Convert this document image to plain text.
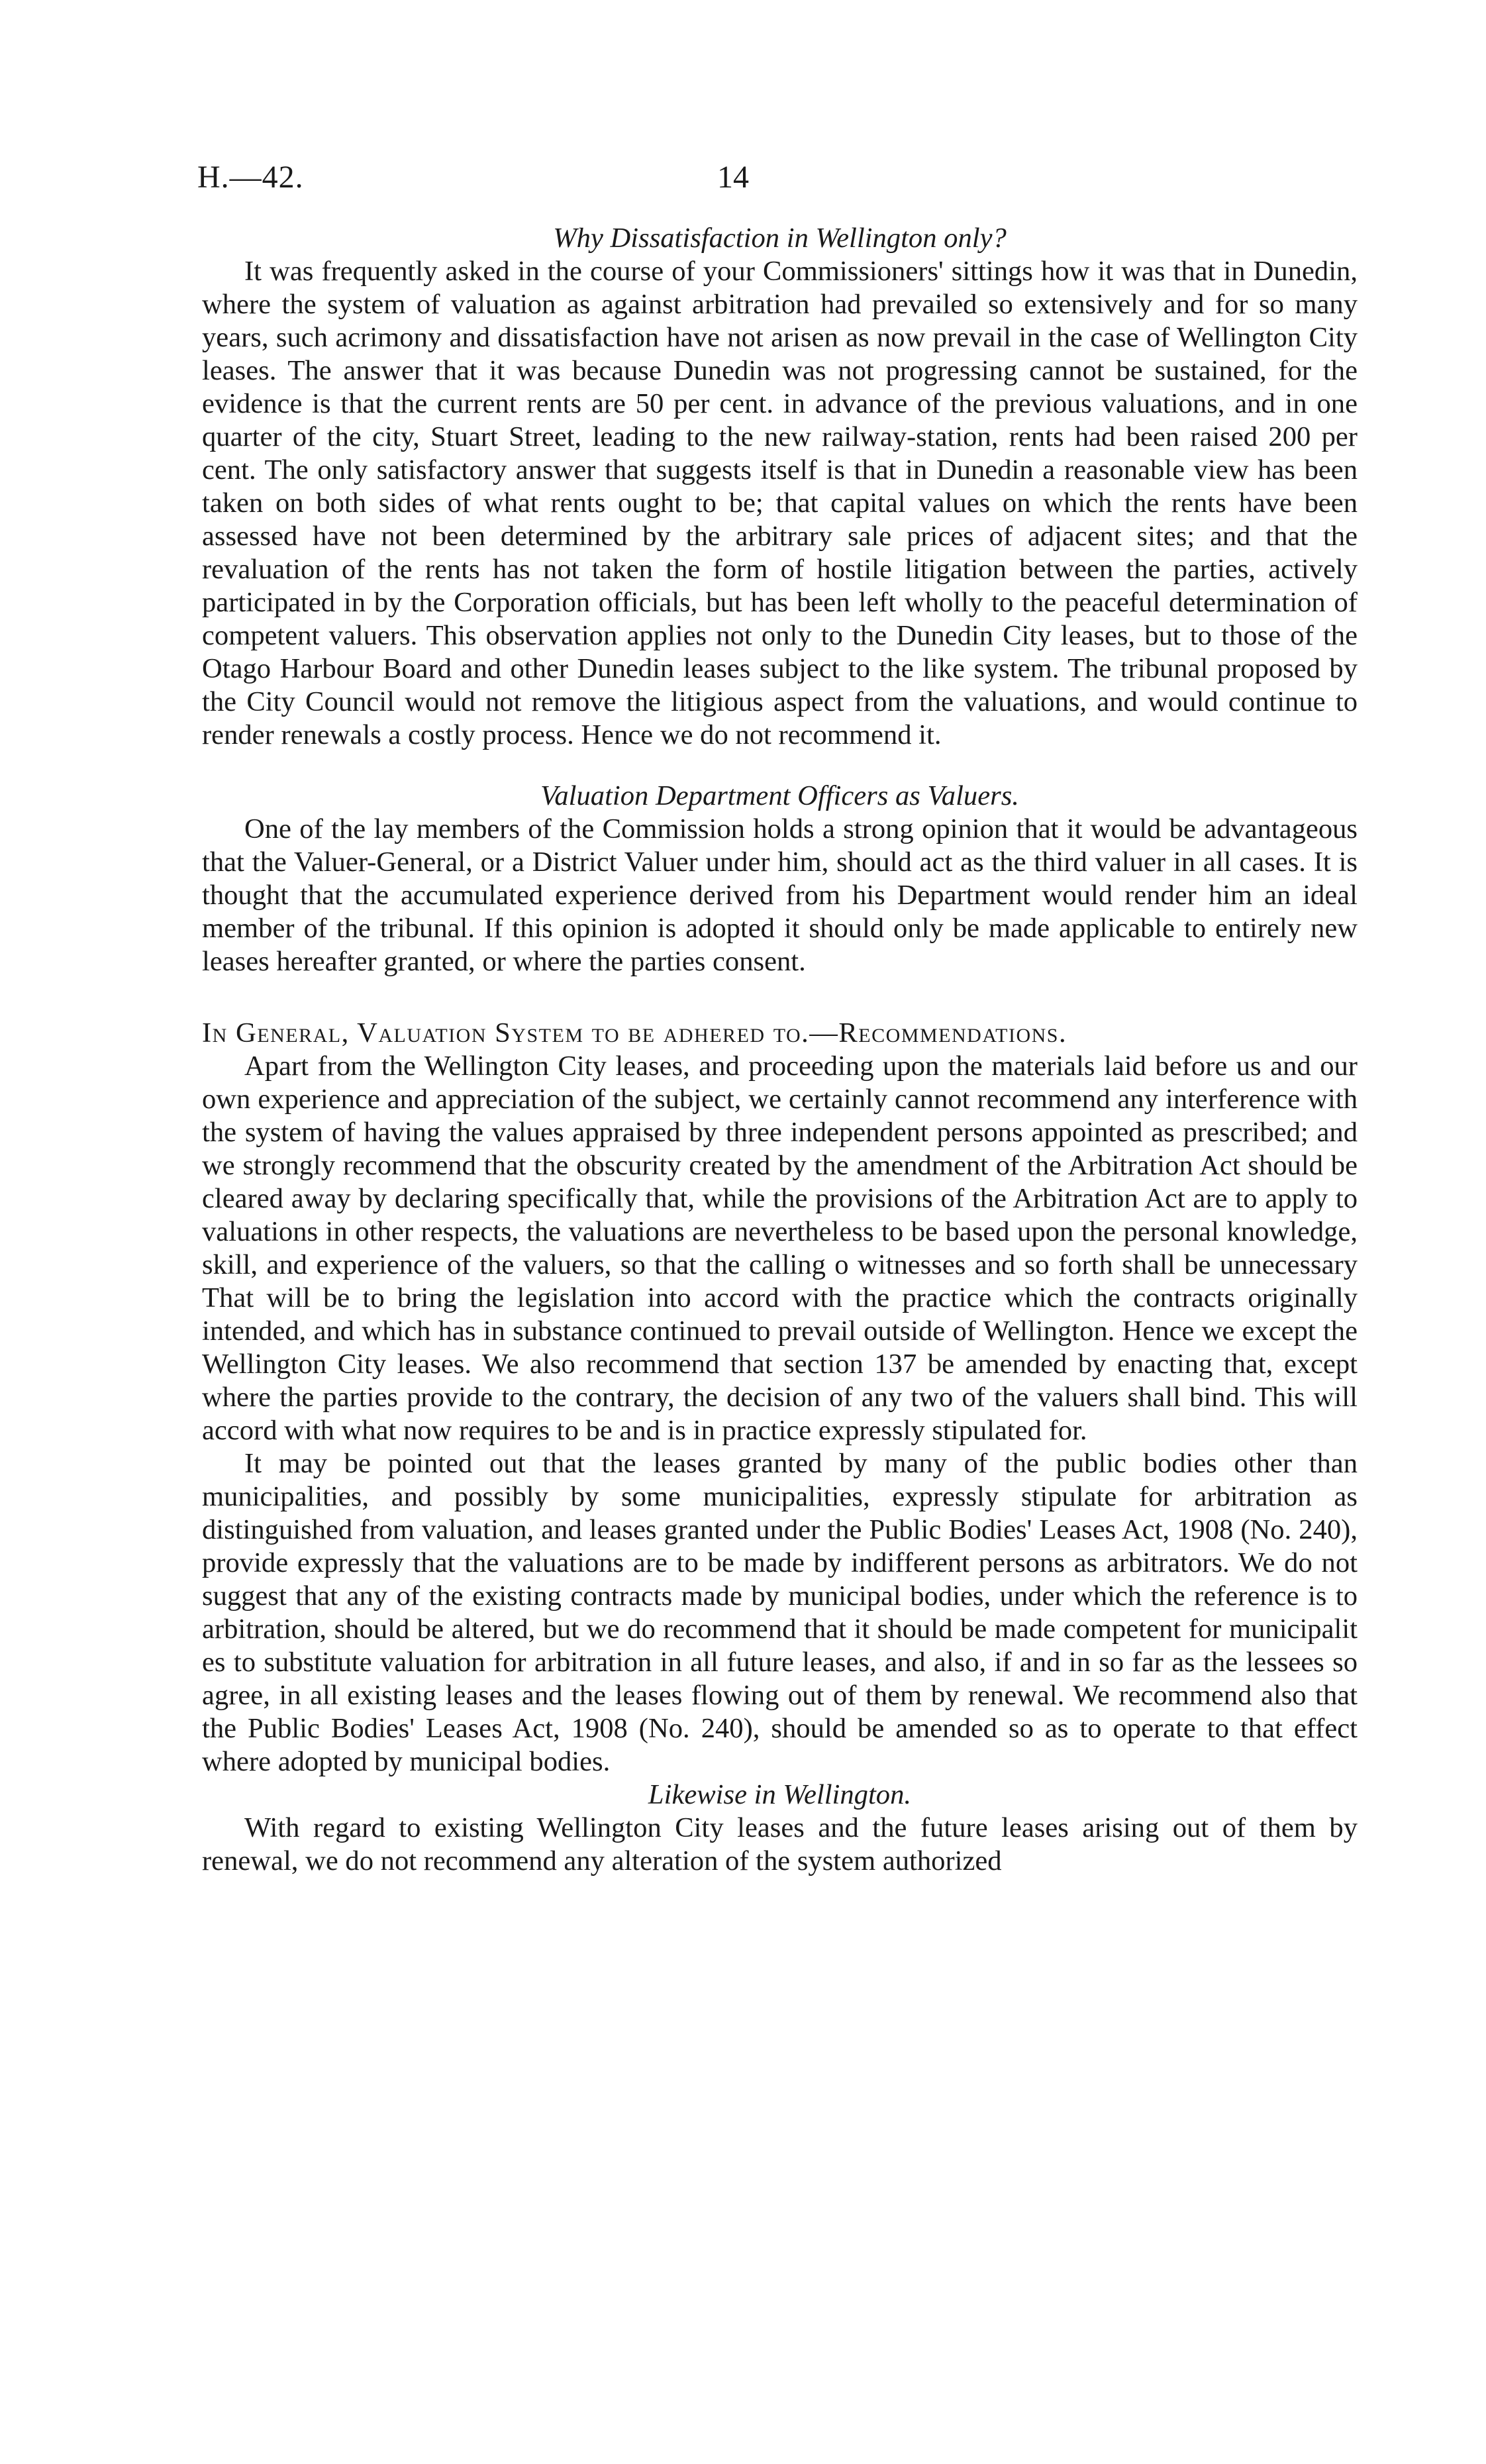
H.—42.	14
Why Dissatisfaction in Wellington only?

It was frequently asked in the course of your Commissioners' sittings how it was that in Dunedin, where the system of valuation as against arbitration had prevailed so extensively and for so many years, such acrimony and dissatisfaction have not arisen as now prevail in the case of Wellington City leases. The answer that it was because Dunedin was not progressing cannot be sustained, for the evidence is that the current rents are 50 per cent. in advance of the previous valuations, and in one quarter of the city, Stuart Street, leading to the new railway-station, rents had been raised 200 per cent. The only satisfactory answer that suggests itself is that in Dunedin a reasonable view has been taken on both sides of what rents ought to be; that capital values on which the rents have been assessed have not been determined by the arbitrary sale prices of adjacent sites; and that the revaluation of the rents has not taken the form of hostile litigation between the parties, actively participated in by the Corporation officials, but has been left wholly to the peaceful determination of competent valuers. This observation applies not only to the Dunedin City leases, but to those of the Otago Harbour Board and other Dunedin leases subject to the like system. The tribunal proposed by the City Council would not remove the litigious aspect from the valuations, and would continue to render renewals a costly process. Hence we do not recommend it.

Valuation Department Officers as Valuers.

One of the lay members of the Commission holds a strong opinion that it would be advantageous that the Valuer-General, or a District Valuer under him, should act as the third valuer in all cases. It is thought that the accumulated experience derived from his Department would render him an ideal member of the tribunal. If this opinion is adopted it should only be made applicable to entirely new leases hereafter granted, or where the parties consent.

In General, Valuation System to be adhered to.—Recommendations.

Apart from the Wellington City leases, and proceeding upon the materials laid before us and our own experience and appreciation of the subject, we certainly cannot recommend any interference with the system of having the values appraised by three independent persons appointed as prescribed; and we strongly recommend that the obscurity created by the amendment of the Arbitration Act should be cleared away by declaring specifically that, while the provisions of the Arbitration Act are to apply to valuations in other respects, the valuations are nevertheless to be based upon the personal knowledge, skill, and experience of the valuers, so that the calling o witnesses and so forth shall be unnecessary That will be to bring the legislation into accord with the practice which the contracts originally intended, and which has in substance continued to prevail outside of Wellington. Hence we except the Wellington City leases. We also recommend that section 137 be amended by enacting that, except where the parties provide to the contrary, the decision of any two of the valuers shall bind. This will accord with what now requires to be and is in practice expressly stipulated for.

It may be pointed out that the leases granted by many of the public bodies other than municipalities, and possibly by some municipalities, expressly stipulate for arbitration as distinguished from valuation, and leases granted under the Public Bodies' Leases Act, 1908 (No. 240), provide expressly that the valuations are to be made by indifferent persons as arbitrators. We do not suggest that any of the existing contracts made by municipal bodies, under which the reference is to arbitration, should be altered, but we do recommend that it should be made competent for municipalit es to substitute valuation for arbitration in all future leases, and also, if and in so far as the lessees so agree, in all existing leases and the leases flowing out of them by renewal. We recommend also that the Public Bodies' Leases Act, 1908 (No. 240), should be amended so as to operate to that effect where adopted by municipal bodies.

Likewise in Wellington.

With regard to existing Wellington City leases and the future leases arising out of them by renewal, we do not recommend any alteration of the system authorized
